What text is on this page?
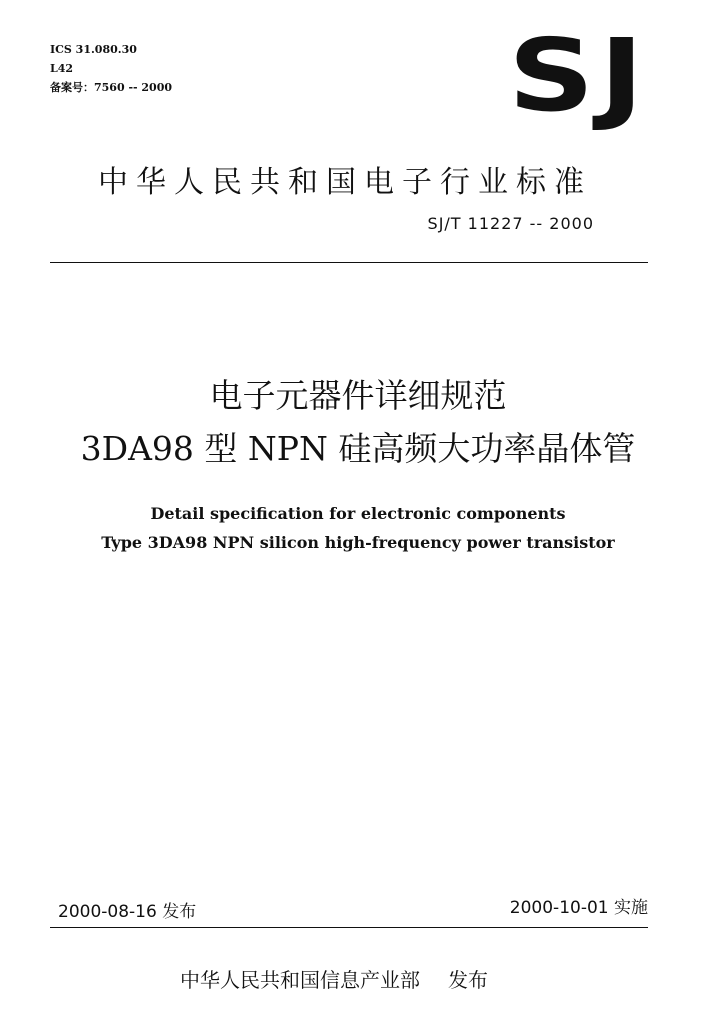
ICS 31.080.30
L42
备案号：7560 -- 2000	SJ
中华人民共和国电子行业标准
SJ/T 11227 -- 2000
电子元器件详细规范
3DA98 型 NPN 硅高频大功率晶体管
Detail specification for electronic components
Type 3DA98 NPN silicon high-frequency power transistor
2000-08-16 发布	2000-10-01 实施
中华人民共和国信息产业部 发布
